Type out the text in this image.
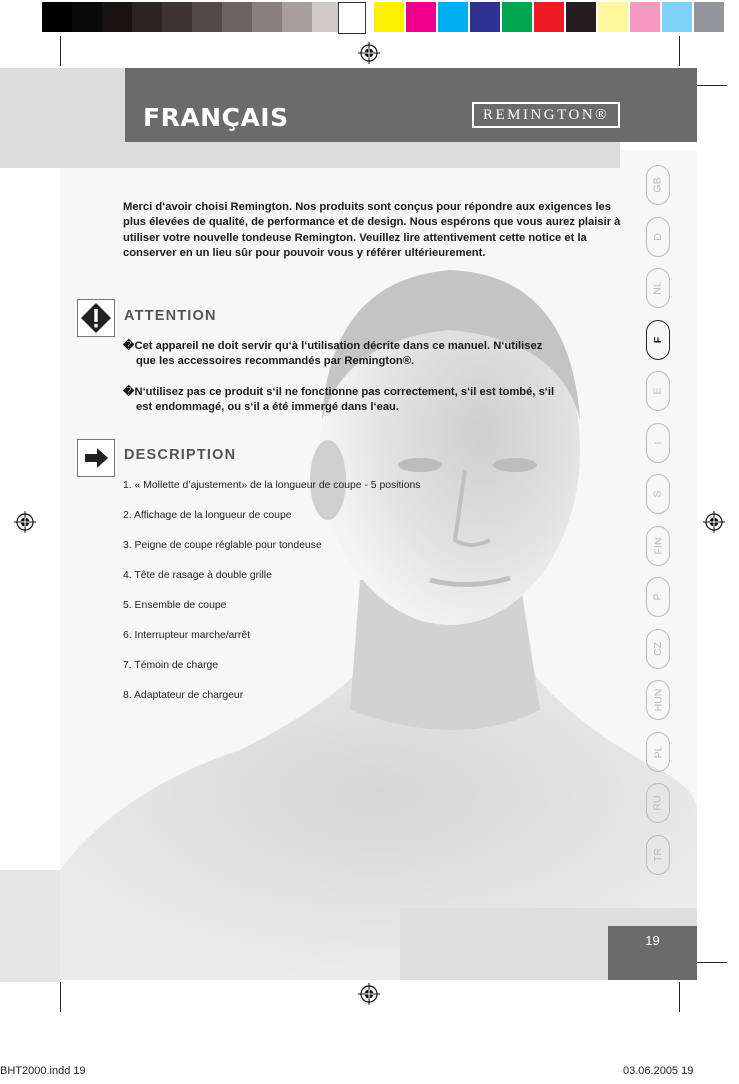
FRANÇAIS	REMINGTON®
Merci d‘avoir choisi Remington. Nos produits sont conçus pour répondre aux exigences les plus élevées de qualité, de performance et de design. Nous espérons que vous aurez plaisir à utiliser votre nouvelle tondeuse Remington. Veuillez lire attentivement cette notice et la conserver en un lieu sûr pour pouvoir vous y référer ultérieurement.
ATTENTION
�Cet appareil ne doit servir qu‘à l‘utilisation décrite dans ce manuel. N‘utilisez
que les accessoires recommandés par Remington®.
�N‘utilisez pas ce produit s‘il ne fonctionne pas correctement, s‘il est tombé, s‘il
est endommagé, ou s‘il a été immergé dans l‘eau.
DESCRIPTION
1. « Mollette d’ajustement» de la longueur de coupe - 5 positions
2. Affichage de la longueur de coupe
3. Peigne de coupe réglable pour tondeuse
4. Tête de rasage à double grille
5. Ensemble de coupe
6. Interrupteur marche/arrêt
7. Témoin de charge
8. Adaptateur de chargeur
GB
D
NL
F
E
I
S
FIN
P
CZ
HUN
PL
RU
TR
19
BHT2000.indd 19	03.06.2005 19
